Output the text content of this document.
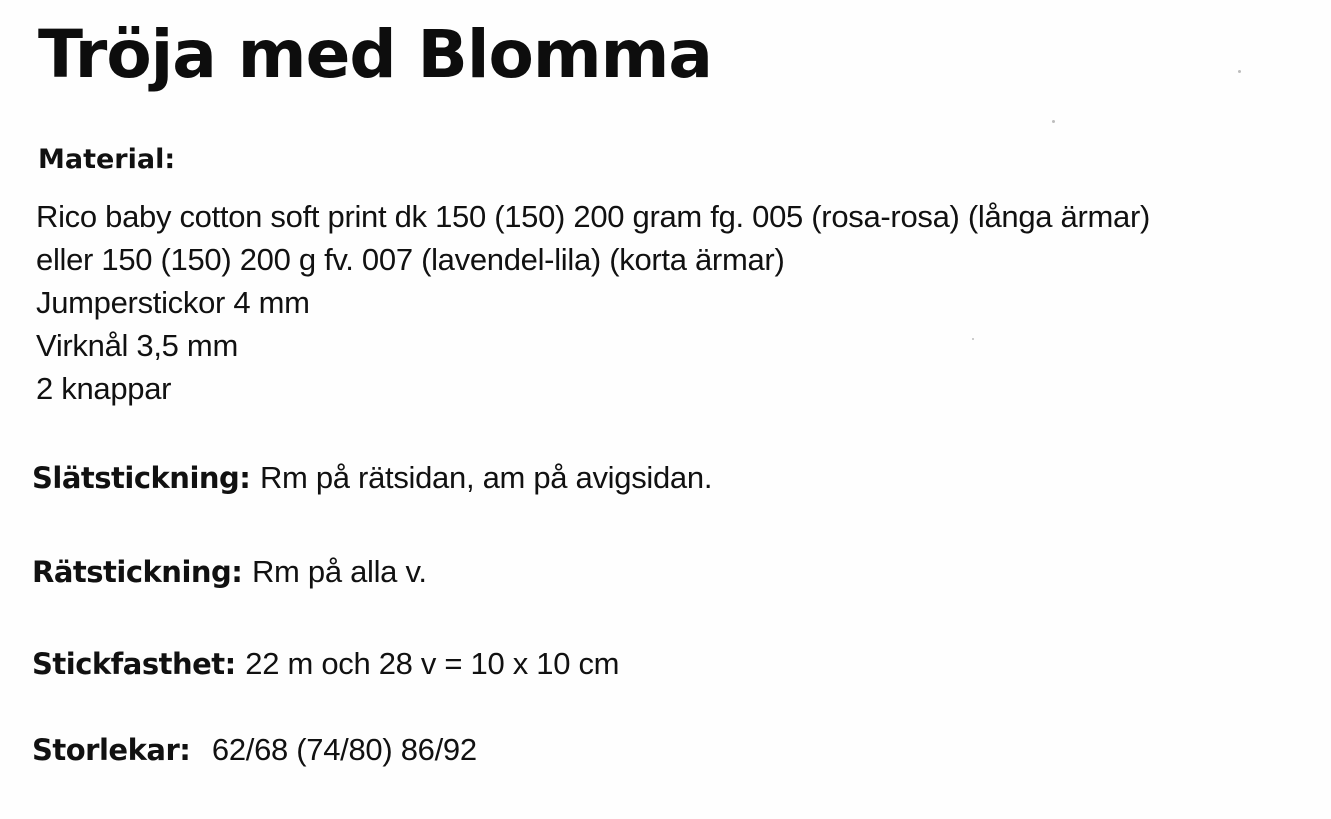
Tröja med Blomma
Material:
Rico baby cotton soft print dk 150 (150) 200 gram fg. 005 (rosa-rosa) (långa ärmar)
eller 150 (150) 200 g fv. 007 (lavendel-lila) (korta ärmar)
Jumperstickor 4 mm
Virknål 3,5 mm
2 knappar

Slätstickning: Rm på rätsidan, am på avigsidan.

Rätstickning: Rm på alla v.

Stickfasthet: 22 m och 28 v = 10 x 10 cm

Storlekar: 62/68 (74/80) 86/92
